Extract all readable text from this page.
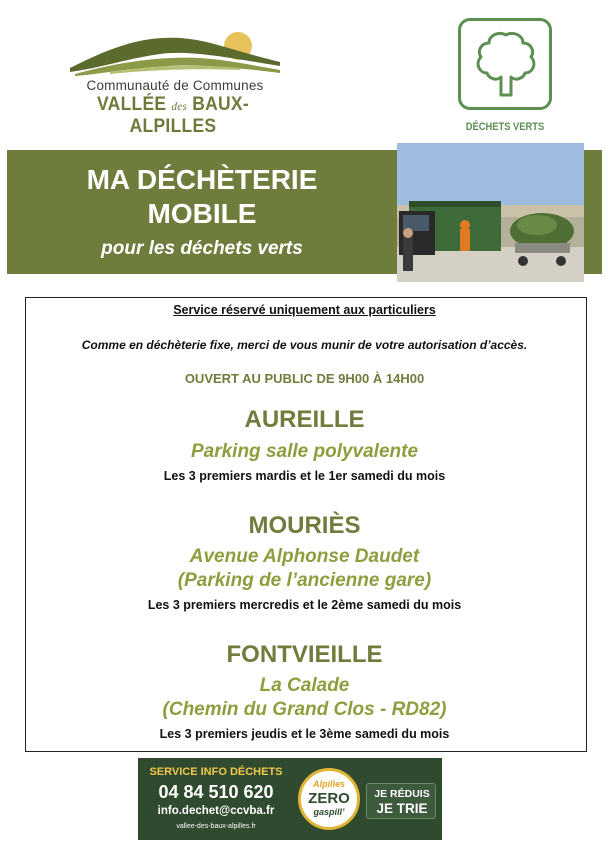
Communauté de Communes
VALLÉE des BAUX-ALPILLES	DÉCHETS VERTS
MA DÉCHÈTERIE
MOBILE
pour les déchets verts
Service réservé uniquement aux particuliers
Comme en déchèterie fixe, merci de vous munir de votre autorisation d’accès.
OUVERT AU PUBLIC DE 9H00 À 14H00
AUREILLE
Parking salle polyvalente
Les 3 premiers mardis et le 1er samedi du mois
MOURIÈS
Avenue Alphonse Daudet
(Parking de l’ancienne gare)
Les 3 premiers mercredis et le 2ème samedi du mois
FONTVIEILLE
La Calade
(Chemin du Grand Clos - RD82)
Les 3 premiers jeudis et le 3ème samedi du mois
SERVICE INFO DÉCHETS
04 84 510 620
info.dechet@ccvba.fr
vallee-des-baux-alpilles.fr
Alpilles
ZERO
gaspill’
JE RÉDUIS
JE TRIE
